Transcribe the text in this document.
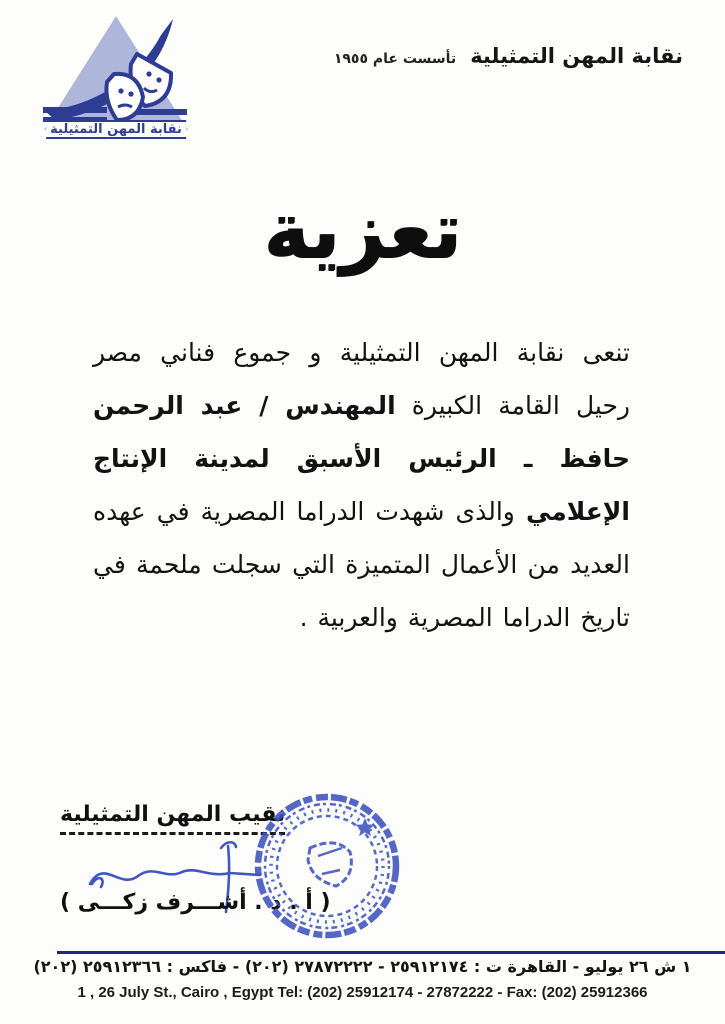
نقابة المهن التمثيلية
نقابة المهن التمثيلية
تأسست عام ١٩٥٥
تعزية

تنعى نقابة المهن التمثيلية و جموع فناني مصر رحيل القامة الكبيرة المهندس / عبد الرحمن حافظ ـ الرئيس الأسبق لمدينة الإنتاج الإعلامي والذى شهدت الدراما المصرية في عهده العديد من الأعمال المتميزة التي سجلت ملحمة في تاريخ الدراما المصرية والعربية .

نقيب المهن التمثيلية
( أ . د . أشـــرف زكـــى )
١ ش ٢٦ يوليو - القاهرة ت : ٢٥٩١٢١٧٤ - ٢٧٨٧٢٢٢٢ (٢٠٢) - فاكس : ٢٥٩١٢٣٦٦ (٢٠٢)
1 , 26 July St., Cairo , Egypt Tel: (202) 25912174 - 27872222 - Fax: (202) 25912366
